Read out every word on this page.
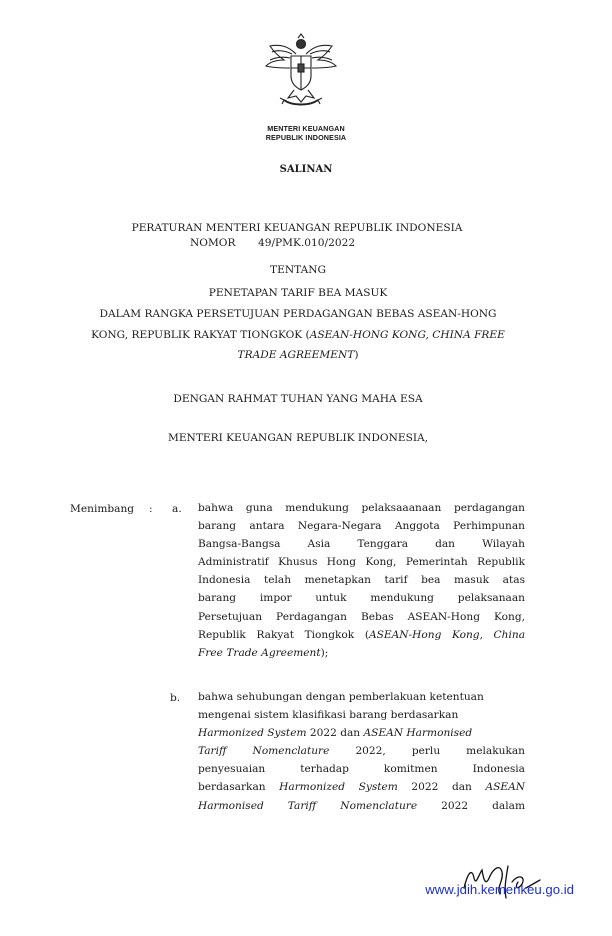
MENTERI KEUANGAN
REPUBLIK INDONESIA
SALINAN
PERATURAN MENTERI KEUANGAN REPUBLIK INDONESIA
NOMOR 49/PMK.010/2022
TENTANG
PENETAPAN TARIF BEA MASUK
DALAM RANGKA PERSETUJUAN PERDAGANGAN BEBAS ASEAN-HONG
KONG, REPUBLIK RAKYAT TIONGKOK (ASEAN-HONG KONG, CHINA FREE
TRADE AGREEMENT)
DENGAN RAHMAT TUHAN YANG MAHA ESA
MENTERI KEUANGAN REPUBLIK INDONESIA,
Menimbang : a. bahwa guna mendukung pelaksaaanaan perdagangan
barang antara Negara-Negara Anggota Perhimpunan
Bangsa-Bangsa Asia Tenggara dan Wilayah
Administratif Khusus Hong Kong, Pemerintah Republik
Indonesia telah menetapkan tarif bea masuk atas
barang impor untuk mendukung pelaksanaan
Persetujuan Perdagangan Bebas ASEAN-Hong Kong,
Republik Rakyat Tiongkok (ASEAN-Hong Kong, China
Free Trade Agreement);
b. bahwa sehubungan dengan pemberlakuan ketentuan
mengenai sistem klasifikasi barang berdasarkan
Harmonized System 2022 dan ASEAN Harmonised
Tariff Nomenclature 2022, perlu melakukan
penyesuaian terhadap komitmen Indonesia
berdasarkan Harmonized System 2022 dan ASEAN
Harmonised Tariff Nomenclature 2022 dalam
www.jdih.kemenkeu.go.id
